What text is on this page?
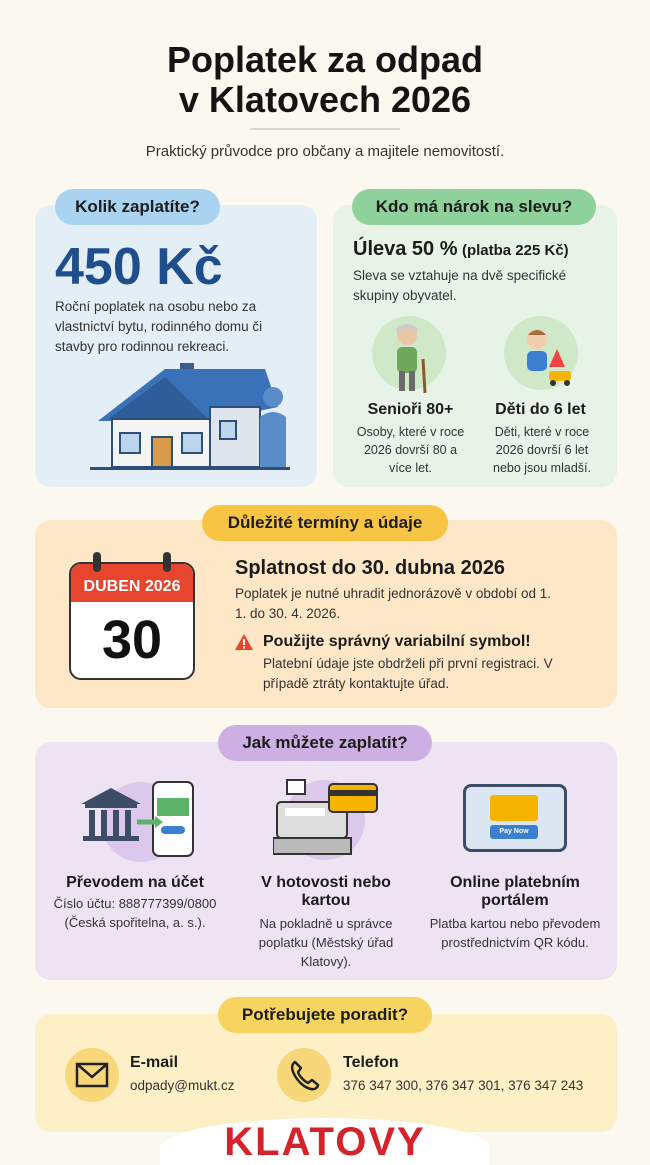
Poplatek za odpad
v Klatovech 2026
Praktický průvodce pro občany a majitele nemovitostí.
450 Kč
Roční poplatek na osobu nebo za vlastnictví bytu, rodinného domu či stavby pro rodinnou rekreaci.
Kolik zaplatíte?
Úleva 50 % (platba 225 Kč)
Sleva se vztahuje na dvě specifické skupiny obyvatel.
Senioři 80+
Osoby, které v roce 2026 dovrší 80 a více let.
Děti do 6 let
Děti, které v roce 2026 dovrší 6 let nebo jsou mladší.
Kdo má nárok na slevu?
DUBEN 2026
30
Splatnost do 30. dubna 2026
Poplatek je nutné uhradit jednorázově v období od 1. 1. do 30. 4. 2026.
Použijte správný variabilní symbol!
Platební údaje jste obdrželi při první registraci. V případě ztráty kontaktujte úřad.
Důležité termíny a údaje
Pay Now
Převodem na účet
Číslo účtu: 888777399/0800 (Česká spořitelna, a. s.).
V hotovosti nebo kartou
Na pokladně u správce poplatku (Městský úřad Klatovy).
Online platebním portálem
Platba kartou nebo převodem prostřednictvím QR kódu.
Jak můžete zaplatit?
E-mail
odpady@mukt.cz
Telefon
376 347 300, 376 347 301, 376 347 243
Potřebujete poradit?
KLATOVY
